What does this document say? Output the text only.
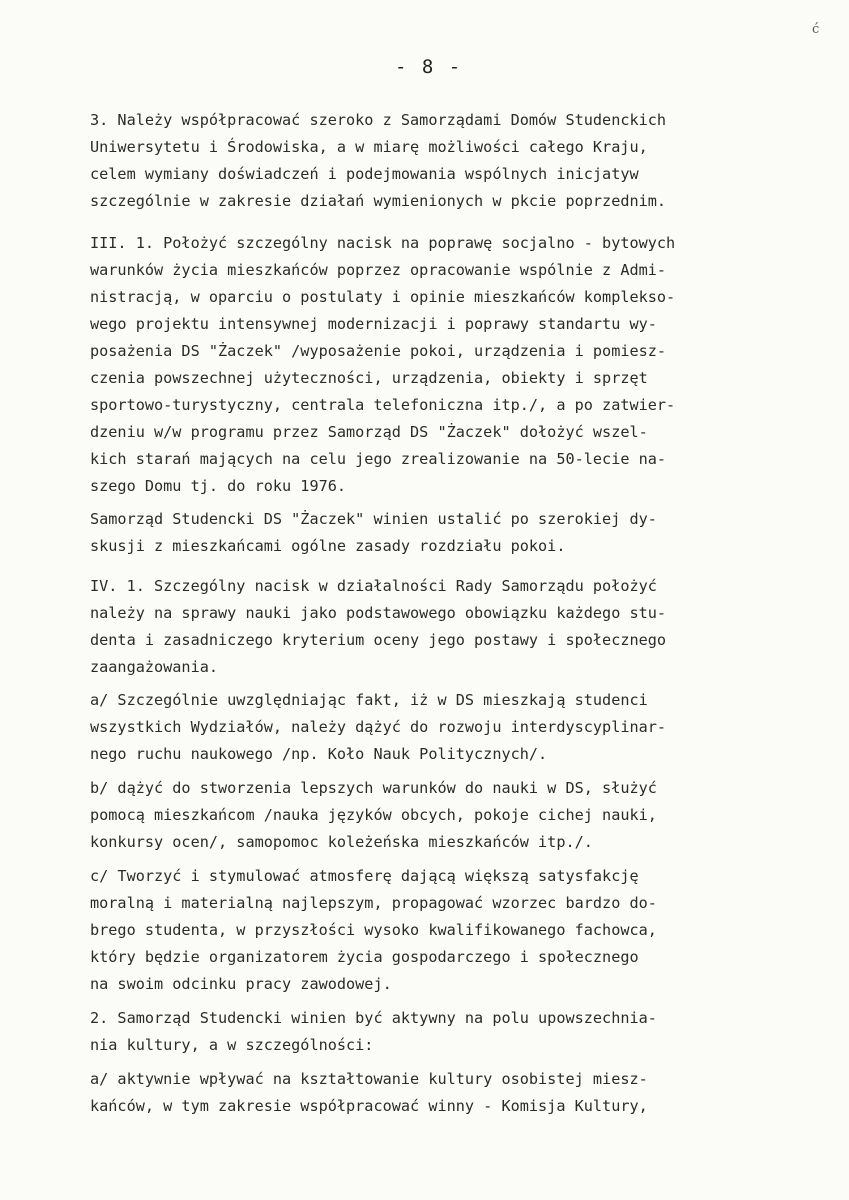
ć
- 8 -
3. Należy współpracować szeroko z Samorządami Domów Studenckich
Uniwersytetu i Środowiska, a w miarę możliwości całego Kraju,
celem wymiany doświadczeń i podejmowania wspólnych inicjatyw
szczególnie w zakresie działań wymienionych w pkcie poprzednim.
III. 1. Położyć szczególny nacisk na poprawę socjalno - bytowych
warunków życia mieszkańców poprzez opracowanie wspólnie z Admi-
nistracją, w oparciu o postulaty i opinie mieszkańców kompleksо-
wego projektu intensywnej modernizacji i poprawy standartu wy-
posażenia DS "Żaczek" /wyposażenie pokoi, urządzenia i pomiesz-
czenia powszechnej użyteczności, urządzenia, obiekty i sprzęt
sportowo-turystyczny, centrala telefoniczna itp./, a po zatwier-
dzeniu w/w programu przez Samorząd DS "Żaczek" dołożyć wszel-
kich starań mających na celu jego zrealizowanie na 50-lecie na-
szego Domu tj. do roku 1976.
Samorząd Studencki DS "Żaczek" winien ustalić po szerokiej dy-
skusji z mieszkańcami ogólne zasady rozdziału pokoi.
IV. 1. Szczególny nacisk w działalności Rady Samorządu położyć
należy na sprawy nauki jako podstawowego obowiązku każdego stu-
denta i zasadniczego kryterium oceny jego postawy i społecznego
zaangażowania.
a/ Szczególnie uwzględniając fakt, iż w DS mieszkają studenci
wszystkich Wydziałów, należy dążyć do rozwoju interdyscyplinar-
nego ruchu naukowego /np. Koło Nauk Politycznych/.
b/ dążyć do stworzenia lepszych warunków do nauki w DS, służyć
pomocą mieszkańcom /nauka języków obcych, pokoje cichej nauki,
konkursy ocen/, samopomoc koleżeńska mieszkańców itp./.
c/ Tworzyć i stymulować atmosferę dającą większą satysfakcję
moralną i materialną najlepszym, propagować wzorzec bardzo do-
brego studenta, w przyszłości wysoko kwalifikowanego fachowca,
który będzie organizatorem życia gospodarczego i społecznego
na swoim odcinku pracy zawodowej.
2. Samorząd Studencki winien być aktywny na polu upowszechnia-
nia kultury, a w szczególności:
a/ aktywnie wpływać na kształtowanie kultury osobistej miesz-
kańców, w tym zakresie współpracować winny - Komisja Kultury,
